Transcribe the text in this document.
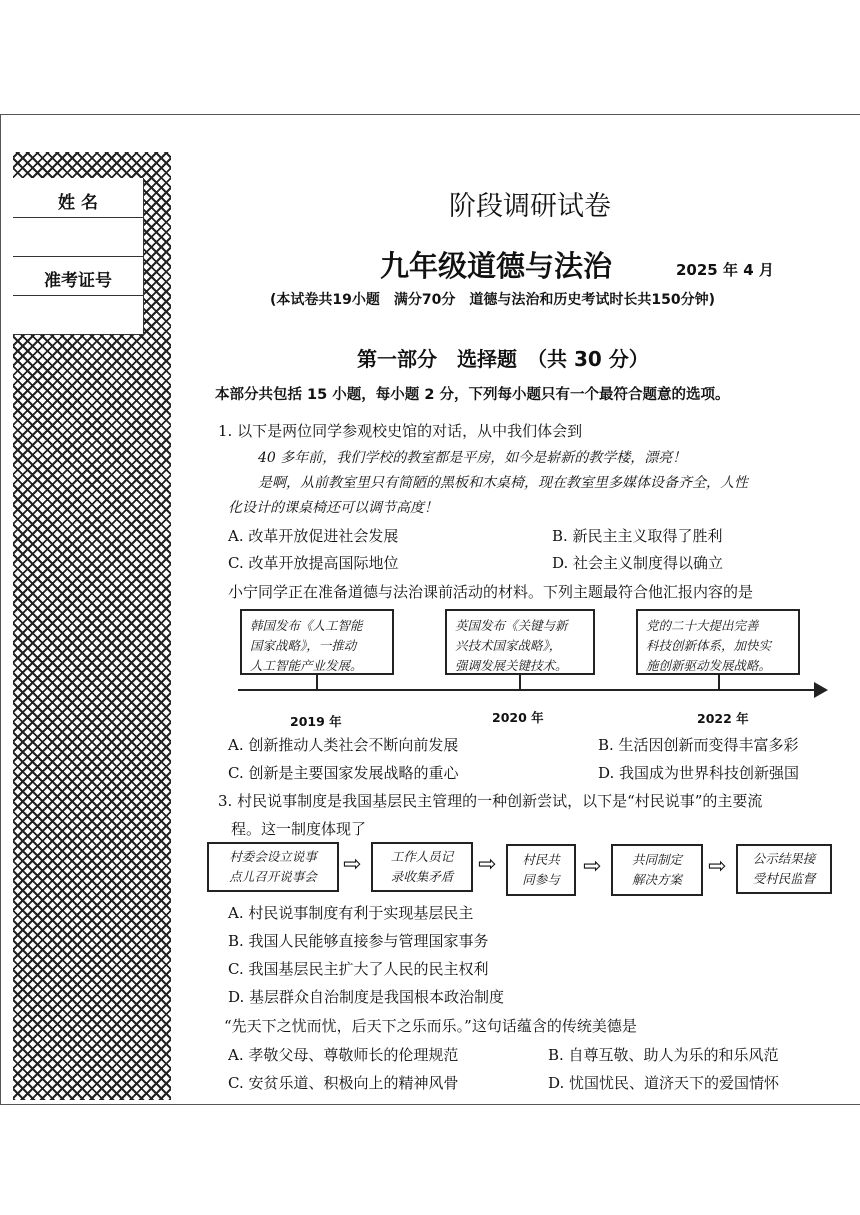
姓 名
准考证号
阶段调研试卷
九年级道德与法治	2025 年 4 月
(本试卷共19小题　满分70分　道德与法治和历史考试时长共150分钟)
第一部分　选择题　（共 30 分）
本部分共包括 15 小题，每小题 2 分，下列每小题只有一个最符合题意的选项。
1. 以下是两位同学参观校史馆的对话，从中我们体会到
40 多年前，我们学校的教室都是平房，如今是崭新的教学楼，漂亮！
是啊，从前教室里只有简陋的黑板和木桌椅，现在教室里多媒体设备齐全，人性
化设计的课桌椅还可以调节高度！
A. 改革开放促进社会发展	B. 新民主主义取得了胜利
C. 改革开放提高国际地位	D. 社会主义制度得以确立
小宁同学正在准备道德与法治课前活动的材料。下列主题最符合他汇报内容的是
韩国发布《人工智能
国家战略》，一推动
人工智能产业发展。
英国发布《关键与新
兴技术国家战略》，
强调发展关键技术。
党的二十大提出完善
科技创新体系，加快实
施创新驱动发展战略。
2019 年	2020 年	2022 年
A. 创新推动人类社会不断向前发展	B. 生活因创新而变得丰富多彩
C. 创新是主要国家发展战略的重心	D. 我国成为世界科技创新强国
3. 村民说事制度是我国基层民主管理的一种创新尝试，以下是“村民说事”的主要流
程。这一制度体现了
村委会设立说事
点儿召开说事会 ⇨ 工作人员记
录收集矛盾 ⇨ 村民共
同参与
⇨ 共同制定
解决方案
⇨ 公示结果接
受村民监督
A. 村民说事制度有利于实现基层民主
B. 我国人民能够直接参与管理国家事务
C. 我国基层民主扩大了人民的民主权利
D. 基层群众自治制度是我国根本政治制度
“先天下之忧而忧，后天下之乐而乐。”这句话蕴含的传统美德是
A. 孝敬父母、尊敬师长的伦理规范	B. 自尊互敬、助人为乐的和乐风范
C. 安贫乐道、积极向上的精神风骨	D. 忧国忧民、道济天下的爱国情怀
